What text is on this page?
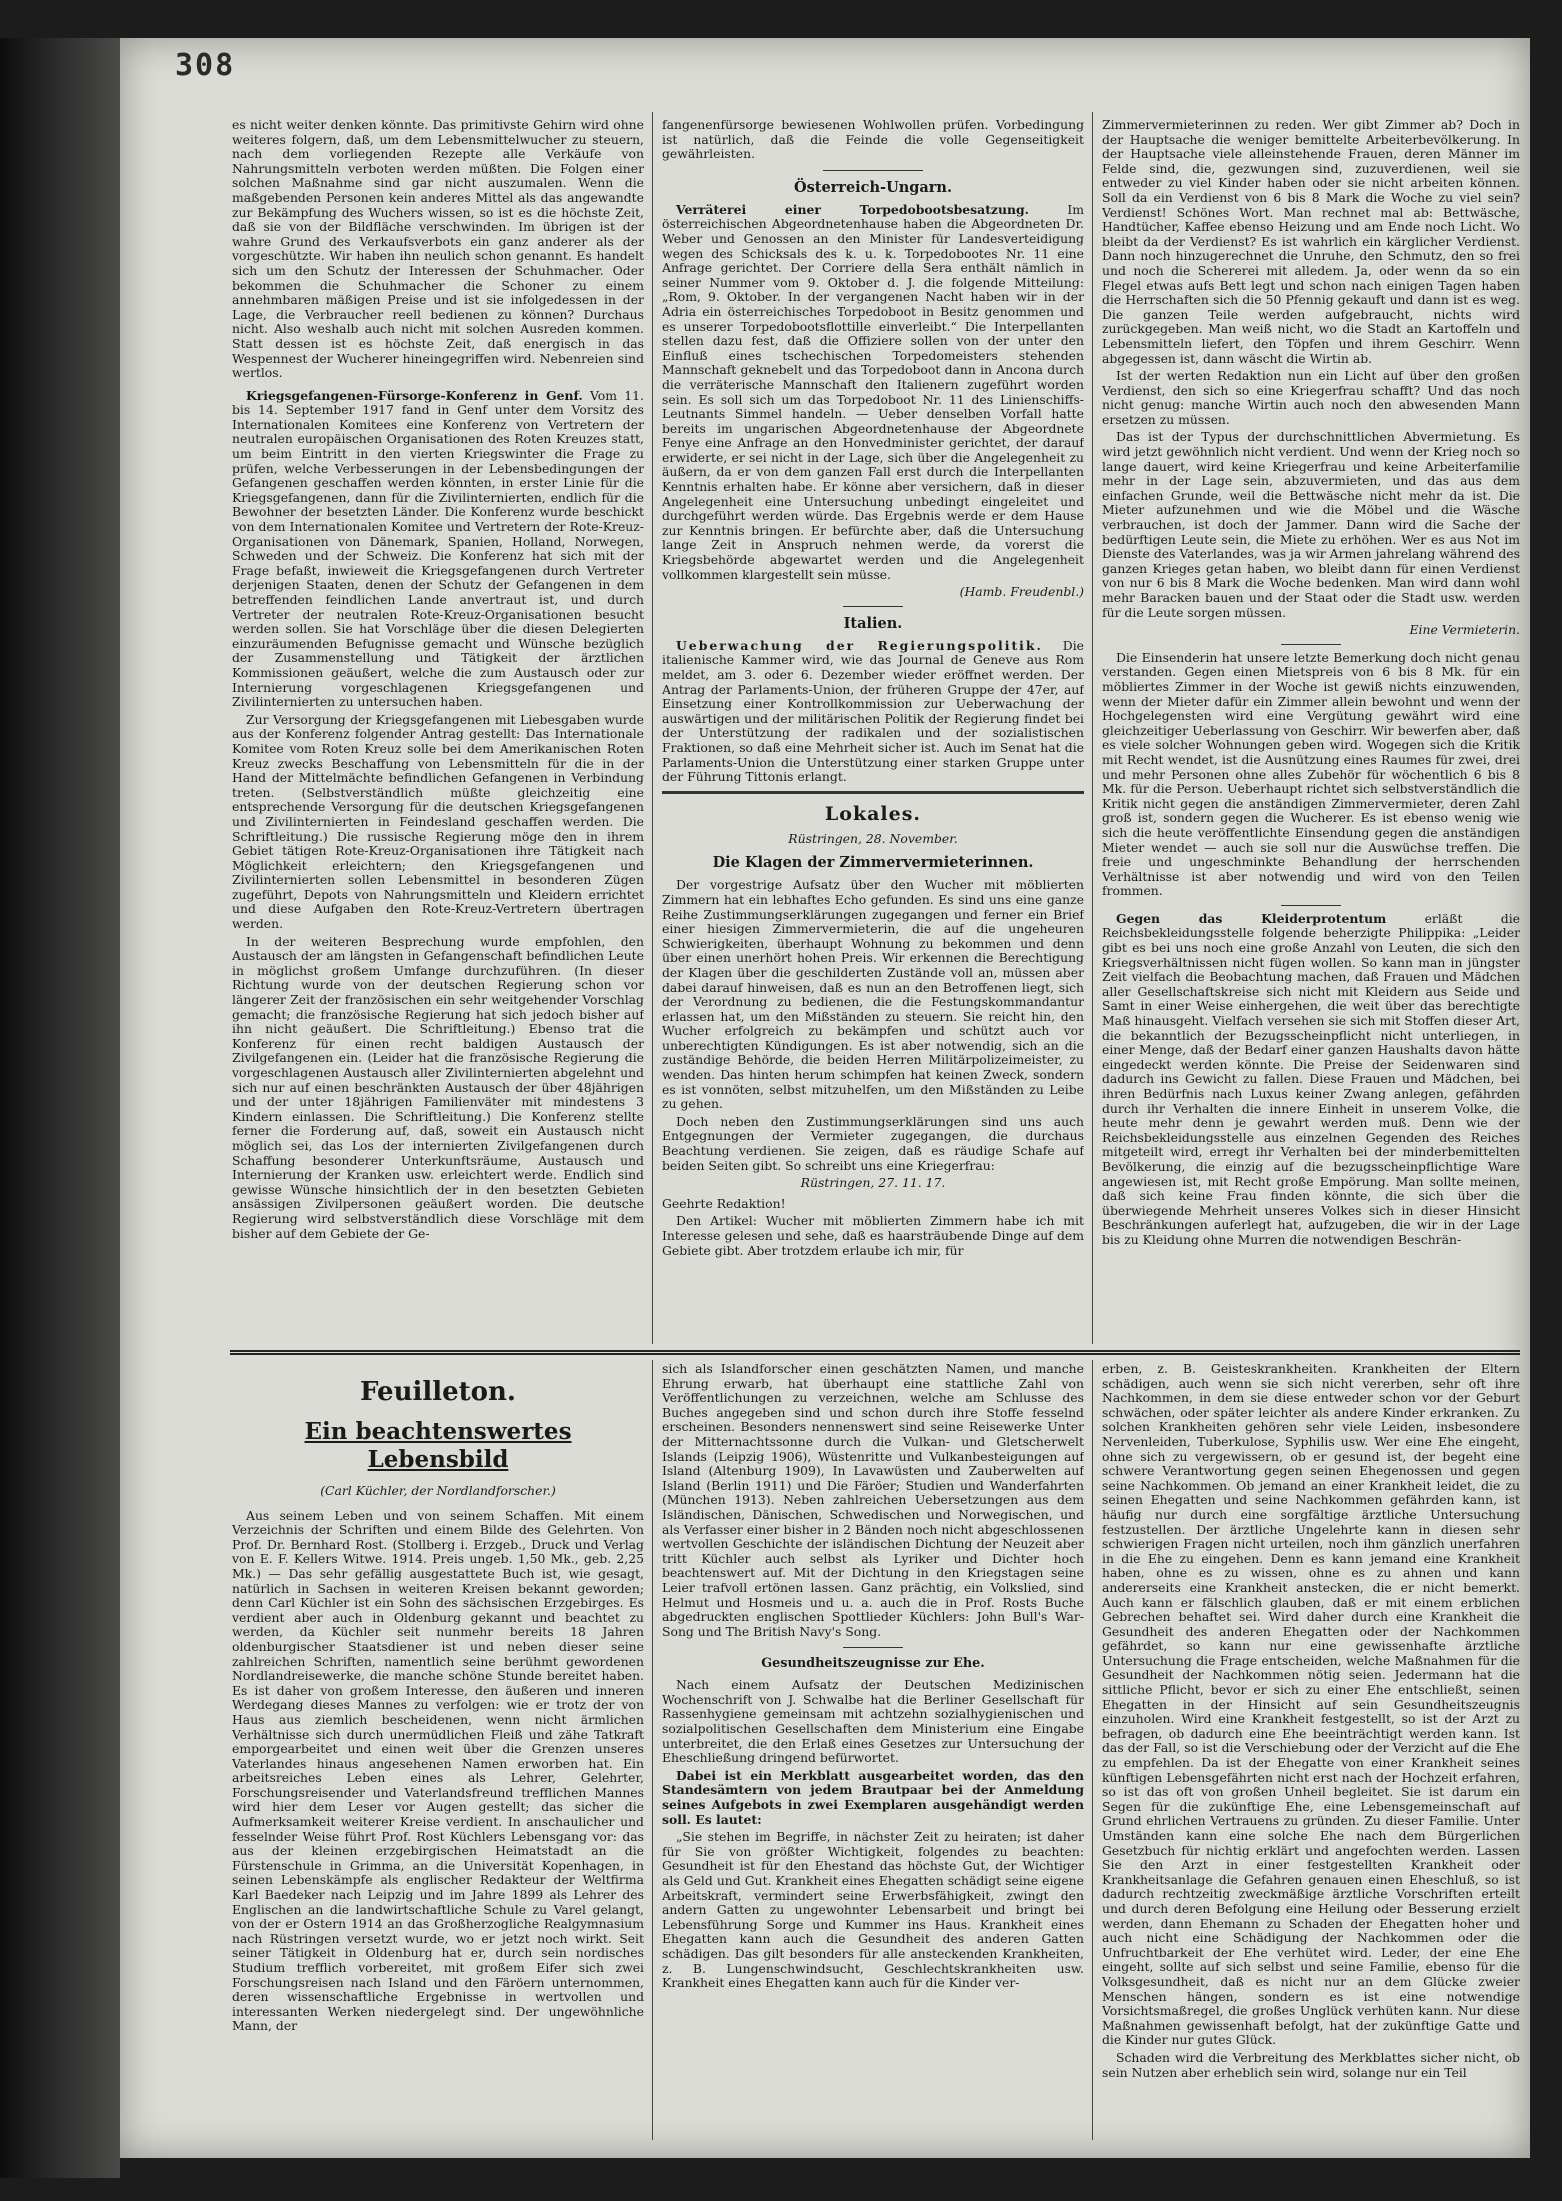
308

es nicht weiter denken könnte. Das primitivste Gehirn wird ohne weiteres folgern, daß, um dem Lebensmittelwucher zu steuern, nach dem vorliegenden Rezepte alle Verkäufe von Nahrungsmitteln verboten werden müßten. Die Folgen einer solchen Maßnahme sind gar nicht auszumalen. Wenn die maßgebenden Personen kein anderes Mittel als das angewandte zur Bekämpfung des Wuchers wissen, so ist es die höchste Zeit, daß sie von der Bildfläche verschwinden. Im übrigen ist der wahre Grund des Verkaufsverbots ein ganz anderer als der vorgeschützte. Wir haben ihn neulich schon genannt. Es handelt sich um den Schutz der Interessen der Schuhmacher. Oder bekommen die Schuhmacher die Schoner zu einem annehmbaren mäßigen Preise und ist sie infolgedessen in der Lage, die Verbraucher reell bedienen zu können? Durchaus nicht. Also weshalb auch nicht mit solchen Ausreden kommen. Statt dessen ist es höchste Zeit, daß energisch in das Wespennest der Wucherer hineingegriffen wird. Nebenreien sind wertlos.

Kriegsgefangenen-Fürsorge-Konferenz in Genf. Vom 11. bis 14. September 1917 fand in Genf unter dem Vorsitz des Internationalen Komitees eine Konferenz von Vertretern der neutralen europäischen Organisationen des Roten Kreuzes statt, um beim Eintritt in den vierten Kriegswinter die Frage zu prüfen, welche Verbesserungen in der Lebensbedingungen der Gefangenen geschaffen werden könnten, in erster Linie für die Kriegsgefangenen, dann für die Zivilinternierten, endlich für die Bewohner der besetzten Länder. Die Konferenz wurde beschickt von dem Internationalen Komitee und Vertretern der Rote-Kreuz-Organisationen von Dänemark, Spanien, Holland, Norwegen, Schweden und der Schweiz. Die Konferenz hat sich mit der Frage befaßt, inwieweit die Kriegsgefangenen durch Vertreter derjenigen Staaten, denen der Schutz der Gefangenen in dem betreffenden feindlichen Lande anvertraut ist, und durch Vertreter der neutralen Rote-Kreuz-Organisationen besucht werden sollen. Sie hat Vorschläge über die diesen Delegierten einzuräumenden Befugnisse gemacht und Wünsche bezüglich der Zusammenstellung und Tätigkeit der ärztlichen Kommissionen geäußert, welche die zum Austausch oder zur Internierung vorgeschlagenen Kriegsgefangenen und Zivilinternierten zu untersuchen haben.

Zur Versorgung der Kriegsgefangenen mit Liebesgaben wurde aus der Konferenz folgender Antrag gestellt: Das Internationale Komitee vom Roten Kreuz solle bei dem Amerikanischen Roten Kreuz zwecks Beschaffung von Lebensmitteln für die in der Hand der Mittelmächte befindlichen Gefangenen in Verbindung treten. (Selbstverständlich müßte gleichzeitig eine entsprechende Versorgung für die deutschen Kriegsgefangenen und Zivilinternierten in Feindesland geschaffen werden. Die Schriftleitung.) Die russische Regierung möge den in ihrem Gebiet tätigen Rote-Kreuz-Organisationen ihre Tätigkeit nach Möglichkeit erleichtern; den Kriegsgefangenen und Zivilinternierten sollen Lebensmittel in besonderen Zügen zugeführt, Depots von Nahrungsmitteln und Kleidern errichtet und diese Aufgaben den Rote-Kreuz-Vertretern übertragen werden.

In der weiteren Besprechung wurde empfohlen, den Austausch der am längsten in Gefangenschaft befindlichen Leute in möglichst großem Umfange durchzuführen. (In dieser Richtung wurde von der deutschen Regierung schon vor längerer Zeit der französischen ein sehr weitgehender Vorschlag gemacht; die französische Regierung hat sich jedoch bisher auf ihn nicht geäußert. Die Schriftleitung.) Ebenso trat die Konferenz für einen recht baldigen Austausch der Zivilgefangenen ein. (Leider hat die französische Regierung die vorgeschlagenen Austausch aller Zivilinternierten abgelehnt und sich nur auf einen beschränkten Austausch der über 48jährigen und der unter 18jährigen Familienväter mit mindestens 3 Kindern einlassen. Die Schriftleitung.) Die Konferenz stellte ferner die Forderung auf, daß, soweit ein Austausch nicht möglich sei, das Los der internierten Zivilgefangenen durch Schaffung besonderer Unterkunftsräume, Austausch und Internierung der Kranken usw. erleichtert werde. Endlich sind gewisse Wünsche hinsichtlich der in den besetzten Gebieten ansässigen Zivilpersonen geäußert worden. Die deutsche Regierung wird selbstverständlich diese Vorschläge mit dem bisher auf dem Gebiete der Ge-

fangenenfürsorge bewiesenen Wohlwollen prüfen. Vorbedingung ist natürlich, daß die Feinde die volle Gegenseitigkeit gewährleisten.

Österreich-Ungarn.

Verräterei einer Torpedobootsbesatzung.	Im österreichischen Abgeordnetenhause haben die Abgeordneten Dr. Weber und Genossen an den Minister für Landesverteidigung wegen des Schicksals des k. u. k. Torpedobootes Nr. 11 eine Anfrage gerichtet. Der Corriere della Sera enthält nämlich in seiner Nummer vom 9. Oktober d. J. die folgende Mitteilung: „Rom, 9. Oktober. In der vergangenen Nacht haben wir in der Adria ein österreichisches Torpedoboot in Besitz genommen und es unserer Torpedobootsflottille einverleibt.“ Die Interpellanten stellen dazu fest, daß die Offiziere sollen von der unter den Einfluß eines tschechischen Torpedomeisters stehenden Mannschaft geknebelt und das Torpedoboot dann in Ancona durch die verräterische Mannschaft den Italienern zugeführt worden sein. Es soll sich um das Torpedoboot Nr. 11 des Linienschiffs-Leutnants Simmel handeln. — Ueber denselben Vorfall hatte bereits im ungarischen Abgeordnetenhause der Abgeordnete Fenye eine Anfrage an den Honvedminister gerichtet, der darauf erwiderte, er sei nicht in der Lage, sich über die Angelegenheit zu äußern, da er von dem ganzen Fall erst durch die Interpellanten Kenntnis erhalten habe. Er könne aber versichern, daß in dieser Angelegenheit eine Untersuchung unbedingt eingeleitet und durchgeführt werden würde. Das Ergebnis werde er dem Hause zur Kenntnis bringen. Er befürchte aber, daß die Untersuchung lange Zeit in Anspruch nehmen werde, da vorerst die Kriegsbehörde abgewartet werden und die Angelegenheit vollkommen klargestellt sein müsse.

(Hamb. Freudenbl.)

Italien.

Ueberwachung der Regierungspolitik. Die italienische Kammer wird, wie das Journal de Geneve aus Rom meldet, am 3. oder 6. Dezember wieder eröffnet werden. Der Antrag der Parlaments-Union, der früheren Gruppe der 47er, auf Einsetzung einer Kontrollkommission zur Ueberwachung der auswärtigen und der militärischen Politik der Regierung findet bei der Unterstützung der radikalen und der sozialistischen Fraktionen, so daß eine Mehrheit sicher ist. Auch im Senat hat die Parlaments-Union die Unterstützung einer starken Gruppe unter der Führung Tittonis erlangt.

Lokales.
Rüstringen, 28. November.
Die Klagen der Zimmervermieterinnen.

Der vorgestrige Aufsatz über den Wucher mit möblierten Zimmern hat ein lebhaftes Echo gefunden. Es sind uns eine ganze Reihe Zustimmungserklärungen zugegangen und ferner ein Brief einer hiesigen Zimmervermieterin, die auf die ungeheuren Schwierigkeiten, überhaupt Wohnung zu bekommen und denn über einen unerhört hohen Preis. Wir erkennen die Berechtigung der Klagen über die geschilderten Zustände voll an, müssen aber dabei darauf hinweisen, daß es nun an den Betroffenen liegt, sich der Verordnung zu bedienen, die die Festungskommandantur erlassen hat, um den Mißständen zu steuern. Sie reicht hin, den Wucher erfolgreich zu bekämpfen und schützt auch vor unberechtigten Kündigungen. Es ist aber notwendig, sich an die zuständige Behörde, die beiden Herren Militärpolizeimeister, zu wenden. Das hinten herum schimpfen hat keinen Zweck, sondern es ist vonnöten, selbst mitzuhelfen, um den Mißständen zu Leibe zu gehen.

Doch neben den Zustimmungserklärungen sind uns auch Entgegnungen der Vermieter zugegangen, die durchaus Beachtung verdienen. Sie zeigen, daß es räudige Schafe auf beiden Seiten gibt. So schreibt uns eine Kriegerfrau:

Rüstringen, 27. 11. 17.

Geehrte Redaktion!

Den Artikel: Wucher mit möblierten Zimmern habe ich mit Interesse gelesen und sehe, daß es haarsträubende Dinge auf dem Gebiete gibt. Aber trotzdem erlaube ich mir, für

Zimmervermieterinnen zu reden. Wer gibt Zimmer ab? Doch in der Hauptsache die weniger bemittelte Arbeiterbevölkerung. In der Hauptsache viele alleinstehende Frauen, deren Männer im Felde sind, die, gezwungen sind, zuzuverdienen, weil sie entweder zu viel Kinder haben oder sie nicht arbeiten können. Soll da ein Verdienst von 6 bis 8 Mark die Woche zu viel sein? Verdienst! Schönes Wort. Man rechnet mal ab: Bettwäsche, Handtücher, Kaffee ebenso Heizung und am Ende noch Licht. Wo bleibt da der Verdienst? Es ist wahrlich ein kärglicher Verdienst. Dann noch hinzugerechnet die Unruhe, den Schmutz, den so frei und noch die Schererei mit alledem. Ja, oder wenn da so ein Flegel etwas aufs Bett legt und schon nach einigen Tagen haben die Herrschaften sich die 50 Pfennig gekauft und dann ist es weg. Die ganzen Teile werden aufgebraucht, nichts wird zurückgegeben. Man weiß nicht, wo die Stadt an Kartoffeln und Lebensmitteln liefert, den Töpfen und ihrem Geschirr. Wenn abgegessen ist, dann wäscht die Wirtin ab.

Ist der werten Redaktion nun ein Licht auf über den großen Verdienst, den sich so eine Kriegerfrau schafft? Und das noch nicht genug: manche Wirtin auch noch den abwesenden Mann ersetzen zu müssen.

Das ist der Typus der durchschnittlichen Abvermietung. Es wird jetzt gewöhnlich nicht verdient. Und wenn der Krieg noch so lange dauert, wird keine Kriegerfrau und keine Arbeiterfamilie mehr in der Lage sein, abzuvermieten, und das aus dem einfachen Grunde, weil die Bettwäsche nicht mehr da ist. Die Mieter aufzunehmen und wie die Möbel und die Wäsche verbrauchen, ist doch der Jammer. Dann wird die Sache der bedürftigen Leute sein, die Miete zu erhöhen. Wer es aus Not im Dienste des Vaterlandes, was ja wir Armen jahrelang während des ganzen Krieges getan haben, wo bleibt dann für einen Verdienst von nur 6 bis 8 Mark die Woche bedenken. Man wird dann wohl mehr Baracken bauen und der Staat oder die Stadt usw. werden für die Leute sorgen müssen.

Eine Vermieterin.

Die Einsenderin hat unsere letzte Bemerkung doch nicht genau verstanden. Gegen einen Mietspreis von 6 bis 8 Mk. für ein möbliertes Zimmer in der Woche ist gewiß nichts einzuwenden, wenn der Mieter dafür ein Zimmer allein bewohnt und wenn der Hochgelegensten wird eine Vergütung gewährt wird eine gleichzeitiger Ueberlassung von Geschirr. Wir bewerfen aber, daß es viele solcher Wohnungen geben wird. Wogegen sich die Kritik mit Recht wendet, ist die Ausnützung eines Raumes für zwei, drei und mehr Personen ohne alles Zubehör für wöchentlich 6 bis 8 Mk. für die Person. Ueberhaupt richtet sich selbstverständlich die Kritik nicht gegen die anständigen Zimmervermieter, deren Zahl groß ist, sondern gegen die Wucherer. Es ist ebenso wenig wie sich die heute veröffentlichte Einsendung gegen die anständigen Mieter wendet — auch sie soll nur die Auswüchse treffen. Die freie und ungeschminkte Behandlung der herrschenden Verhältnisse ist aber notwendig und wird von den Teilen frommen.

Gegen das Kleiderprotentum	erläßt die Reichsbekleidungsstelle folgende beherzigte Philippika: „Leider gibt es bei uns noch eine große Anzahl von Leuten, die sich den Kriegsverhältnissen nicht fügen wollen. So kann man in jüngster Zeit vielfach die Beobachtung machen, daß Frauen und Mädchen aller Gesellschaftskreise sich nicht mit Kleidern aus Seide und Samt in einer Weise einhergehen, die weit über das berechtigte Maß hinausgeht. Vielfach versehen sie sich mit Stoffen dieser Art, die bekanntlich der Bezugsscheinpflicht nicht unterliegen, in einer Menge, daß der Bedarf einer ganzen Haushalts davon hätte eingedeckt werden könnte. Die Preise der Seidenwaren sind dadurch ins Gewicht zu fallen. Diese Frauen und Mädchen, bei ihren Bedürfnis nach Luxus keiner Zwang anlegen, gefährden durch ihr Verhalten die innere Einheit in unserem Volke, die heute mehr denn je gewahrt werden muß. Denn wie der Reichsbekleidungsstelle aus einzelnen Gegenden des Reiches mitgeteilt wird, erregt ihr Verhalten bei der minderbemittelten Bevölkerung, die einzig auf die bezugsscheinpflichtige Ware angewiesen ist, mit Recht große Empörung. Man sollte meinen, daß sich keine Frau finden könnte, die sich über die überwiegende Mehrheit unseres Volkes sich in dieser Hinsicht Beschränkungen auferlegt hat, aufzugeben, die wir in der Lage bis zu Kleidung ohne Murren die notwendigen Beschrän-

Feuilleton.
Ein beachtenswertes Lebensbild
(Carl Küchler, der Nordlandforscher.)

Aus seinem Leben und von seinem Schaffen. Mit einem Verzeichnis der Schriften und einem Bilde des Gelehrten. Von Prof. Dr. Bernhard Rost. (Stollberg i. Erzgeb., Druck und Verlag von E. F. Kellers Witwe. 1914. Preis ungeb. 1,50 Mk., geb. 2,25 Mk.) — Das sehr gefällig ausgestattete Buch ist, wie gesagt, natürlich in Sachsen in weiteren Kreisen bekannt geworden; denn Carl Küchler ist ein Sohn des sächsischen Erzgebirges. Es verdient aber auch in Oldenburg gekannt und beachtet zu werden, da Küchler seit nunmehr bereits 18 Jahren oldenburgischer Staatsdiener ist und neben dieser seine zahlreichen Schriften, namentlich seine berühmt gewordenen Nordlandreisewerke, die manche schöne Stunde bereitet haben. Es ist daher von großem Interesse, den äußeren und inneren Werdegang dieses Mannes zu verfolgen: wie er trotz der von Haus aus ziemlich bescheidenen, wenn nicht ärmlichen Verhältnisse sich durch unermüdlichen Fleiß und zähe Tatkraft emporgearbeitet und einen weit über die Grenzen unseres Vaterlandes hinaus angesehenen Namen erworben hat. Ein arbeitsreiches Leben eines als Lehrer, Gelehrter, Forschungsreisender und Vaterlandsfreund trefflichen Mannes wird hier dem Leser vor Augen gestellt; das sicher die Aufmerksamkeit weiterer Kreise verdient. In anschaulicher und fesselnder Weise führt Prof. Rost Küchlers Lebensgang vor: das aus der kleinen erzgebirgischen Heimatstadt an die Fürstenschule in Grimma, an die Universität Kopenhagen, in seinen Lebenskämpfe als englischer Redakteur der Weltfirma Karl Baedeker nach Leipzig und im Jahre 1899 als Lehrer des Englischen an die landwirtschaftliche Schule zu Varel gelangt, von der er Ostern 1914 an das Großherzogliche Realgymnasium nach Rüstringen versetzt wurde, wo er jetzt noch wirkt. Seit seiner Tätigkeit in Oldenburg hat er, durch sein nordisches Studium trefflich vorbereitet, mit großem Eifer sich zwei Forschungsreisen nach Island und den Färöern unternommen, deren wissenschaftliche Ergebnisse in wertvollen und interessanten Werken niedergelegt sind. Der ungewöhnliche Mann, der

sich als Islandforscher einen geschätzten Namen, und manche Ehrung erwarb, hat überhaupt eine stattliche Zahl von Veröffentlichungen zu verzeichnen, welche am Schlusse des Buches angegeben sind und schon durch ihre Stoffe fesselnd erscheinen. Besonders nennenswert sind seine Reisewerke Unter der Mitternachtssonne durch die Vulkan- und Gletscherwelt Islands (Leipzig 1906), Wüstenritte und Vulkanbesteigungen auf Island (Altenburg 1909), In Lavawüsten und Zauberwelten auf Island (Berlin 1911) und Die Färöer; Studien und Wanderfahrten (München 1913). Neben zahlreichen Uebersetzungen aus dem Isländischen, Dänischen, Schwedischen und Norwegischen, und als Verfasser einer bisher in 2 Bänden noch nicht abgeschlossenen wertvollen Geschichte der isländischen Dichtung der Neuzeit aber tritt Küchler auch selbst als Lyriker und Dichter hoch beachtenswert auf. Mit der Dichtung in den Kriegstagen seine Leier trafvoll ertönen lassen. Ganz prächtig, ein Volkslied, sind Helmut und Hosmeis und u. a. auch die in Prof. Rosts Buche abgedruckten englischen Spottlieder Küchlers: John Bull's War-Song und The British Navy's Song.

Gesundheitszeugnisse zur Ehe.

Nach einem Aufsatz der Deutschen Medizinischen Wochenschrift von J. Schwalbe hat die Berliner Gesellschaft für Rassenhygiene gemeinsam mit achtzehn sozialhygienischen und sozialpolitischen Gesellschaften dem Ministerium eine Eingabe unterbreitet, die den Erlaß eines Gesetzes zur Untersuchung der Eheschließung dringend befürwortet.

Dabei ist ein Merkblatt ausgearbeitet worden, das den Standesämtern von jedem Brautpaar bei der Anmeldung seines Aufgebots in zwei Exemplaren ausgehändigt werden soll. Es lautet:

„Sie stehen im Begriffe, in nächster Zeit zu heiraten; ist daher für Sie von größter Wichtigkeit, folgendes zu beachten: Gesundheit ist für den Ehestand das höchste Gut, der Wichtiger als Geld und Gut. Krankheit eines Ehegatten schädigt seine eigene Arbeitskraft, vermindert seine Erwerbsfähigkeit, zwingt den andern Gatten zu ungewohnter Lebensarbeit und bringt bei Lebensführung Sorge und Kummer ins Haus. Krankheit eines Ehegatten kann auch die Gesundheit des anderen Gatten schädigen. Das gilt besonders für alle ansteckenden Krankheiten, z. B. Lungenschwindsucht, Geschlechtskrankheiten usw. Krankheit eines Ehegatten kann auch für die Kinder ver-

erben, z. B. Geisteskrankheiten. Krankheiten der Eltern schädigen, auch wenn sie sich nicht vererben, sehr oft ihre Nachkommen, in dem sie diese entweder schon vor der Geburt schwächen, oder später leichter als andere Kinder erkranken. Zu solchen Krankheiten gehören sehr viele Leiden, insbesondere Nervenleiden, Tuberkulose, Syphilis usw. Wer eine Ehe eingeht, ohne sich zu vergewissern, ob er gesund ist, der begeht eine schwere Verantwortung gegen seinen Ehegenossen und gegen seine Nachkommen. Ob jemand an einer Krankheit leidet, die zu seinen Ehegatten und seine Nachkommen gefährden kann, ist häufig nur durch eine sorgfältige ärztliche Untersuchung festzustellen. Der ärztliche Ungelehrte kann in diesen sehr schwierigen Fragen nicht urteilen, noch ihm gänzlich unerfahren in die Ehe zu eingehen. Denn es kann jemand eine Krankheit haben, ohne es zu wissen, ohne es zu ahnen und kann andererseits eine Krankheit anstecken, die er nicht bemerkt. Auch kann er fälschlich glauben, daß er mit einem erblichen Gebrechen behaftet sei. Wird daher durch eine Krankheit die Gesundheit des anderen Ehegatten oder der Nachkommen gefährdet, so kann nur eine gewissenhafte ärztliche Untersuchung die Frage entscheiden, welche Maßnahmen für die Gesundheit der Nachkommen nötig seien. Jedermann hat die sittliche Pflicht, bevor er sich zu einer Ehe entschließt, seinen Ehegatten in der Hinsicht auf sein Gesundheitszeugnis einzuholen. Wird eine Krankheit festgestellt, so ist der Arzt zu befragen, ob dadurch eine Ehe beeinträchtigt werden kann. Ist das der Fall, so ist die Verschiebung oder der Verzicht auf die Ehe zu empfehlen. Da ist der Ehegatte von einer Krankheit seines künftigen Lebensgefährten nicht erst nach der Hochzeit erfahren, so ist das oft von großen Unheil begleitet. Sie ist darum ein Segen für die zukünftige Ehe, eine Lebensgemeinschaft auf Grund ehrlichen Vertrauens zu gründen. Zu dieser Familie. Unter Umständen kann eine solche Ehe nach dem Bürgerlichen Gesetzbuch für nichtig erklärt und angefochten werden. Lassen Sie den Arzt in einer festgestellten Krankheit oder Krankheitsanlage die Gefahren genauen einen Eheschluß, so ist dadurch rechtzeitig zweckmäßige ärztliche Vorschriften erteilt und durch deren Befolgung eine Heilung oder Besserung erzielt werden, dann Ehemann zu Schaden der Ehegatten hoher und auch nicht eine Schädigung der Nachkommen oder die Unfruchtbarkeit der Ehe verhütet wird. Leder, der eine Ehe eingeht, sollte auf sich selbst und seine Familie, ebenso für die Volksgesundheit, daß es nicht nur an dem Glücke zweier Menschen hängen, sondern es ist eine notwendige Vorsichtsmaßregel, die großes Unglück verhüten kann. Nur diese Maßnahmen gewissenhaft befolgt, hat der zukünftige Gatte und die Kinder nur gutes Glück.

Schaden wird die Verbreitung des Merkblattes sicher nicht, ob sein Nutzen aber erheblich sein wird, solange nur ein Teil
